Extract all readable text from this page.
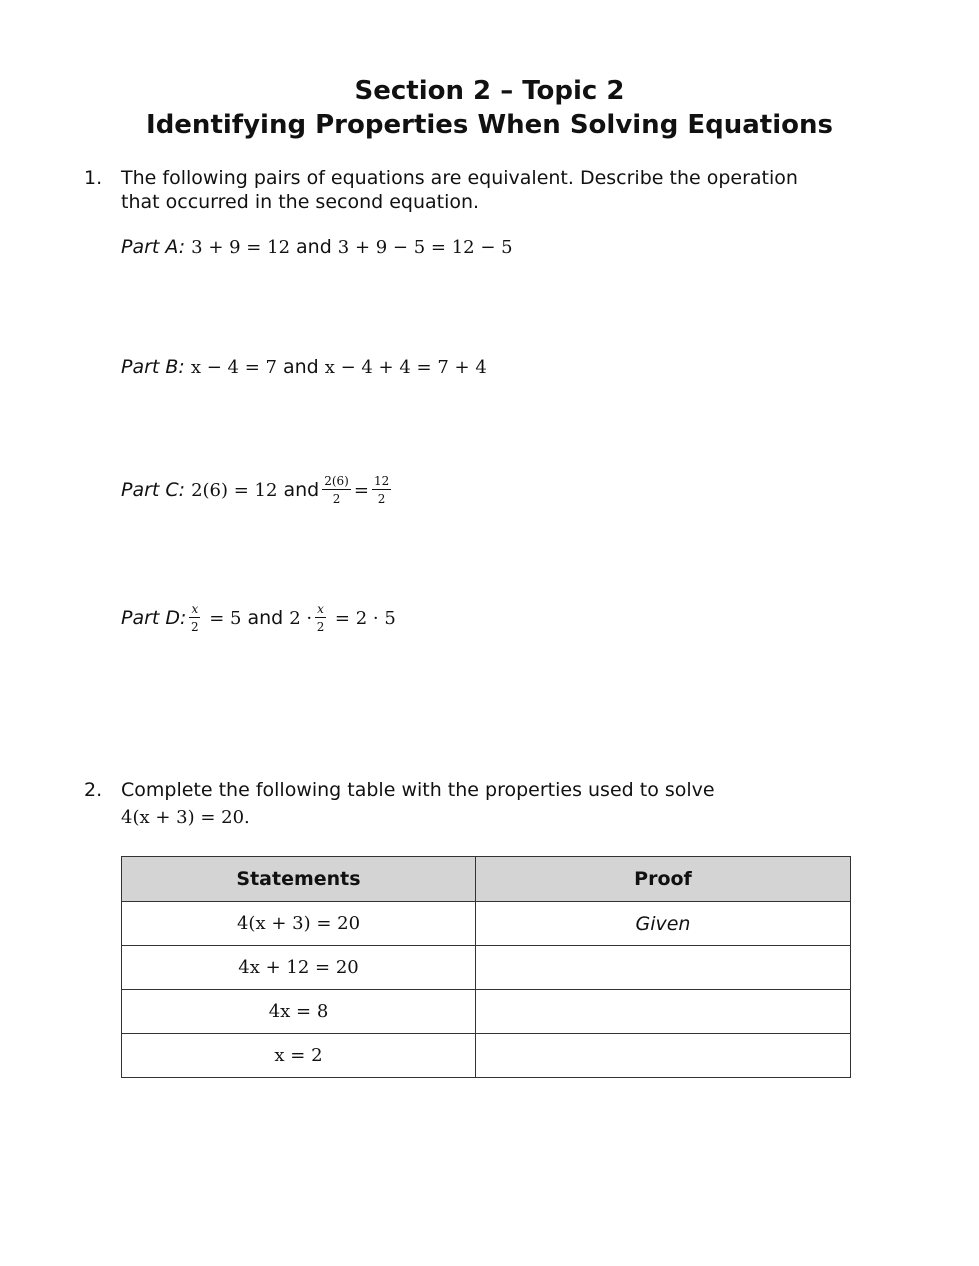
Section 2 – Topic 2
Identifying Properties When Solving Equations
1. The following pairs of equations are equivalent. Describe the operation that occurred in the second equation.
Part A: 3 + 9 = 12 and 3 + 9 − 5 = 12 − 5
Part B: x − 4 = 7 and x − 4 + 4 = 7 + 4
Part C: 2(6) = 12 and $\frac{2(6)}{2} = \frac{12}{2}$
Part D: $\frac{x}{2} = 5$ and $2 \cdot \frac{x}{2} = 2 \cdot 5$
2. Complete the following table with the properties used to solve
4(x + 3) = 20.
Statements	Proof
4(x + 3) = 20	Given
4x + 12 = 20	
4x = 8	
x = 2	
